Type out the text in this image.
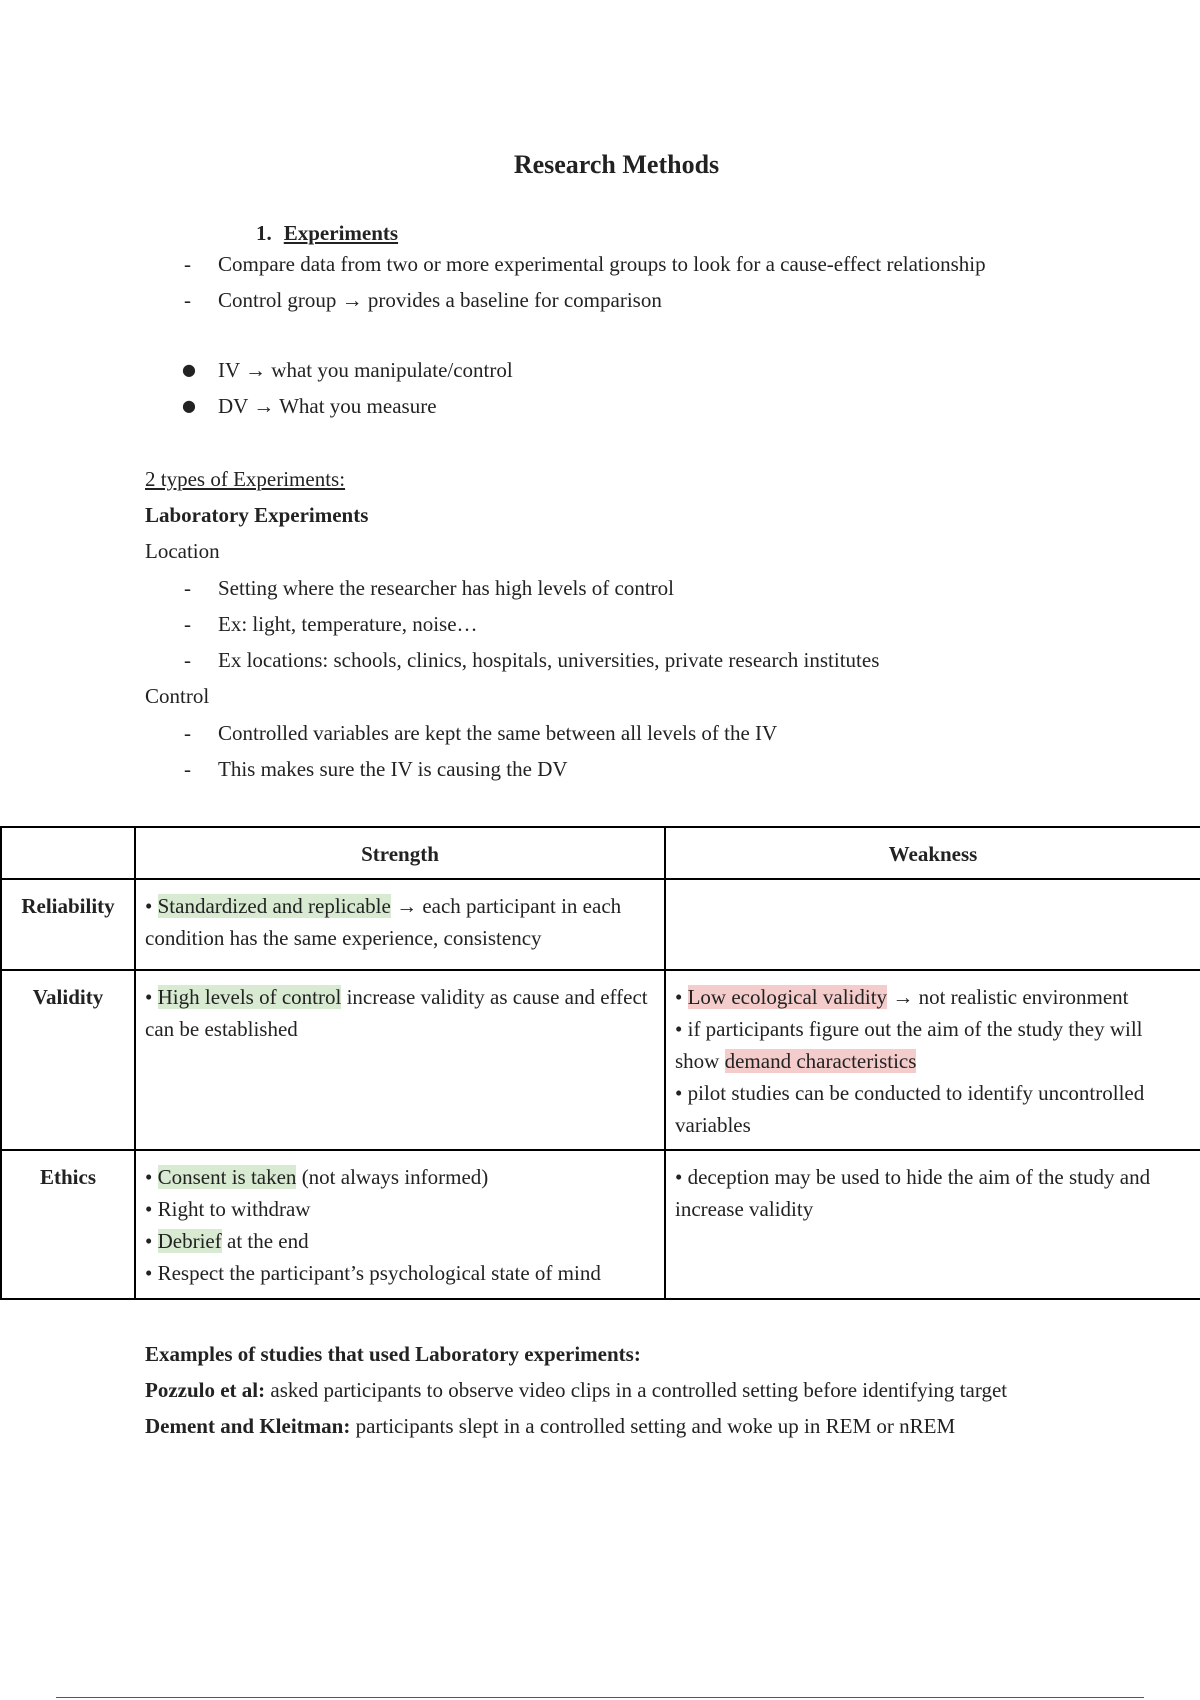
Research Methods
1. Experiments
Compare data from two or more experimental groups to look for a cause-effect relationship
Control group → provides a baseline for comparison
IV → what you manipulate/control
DV → What you measure
2 types of Experiments:
Laboratory Experiments
Location
Setting where the researcher has high levels of control
Ex: light, temperature, noise…
Ex locations: schools, clinics, hospitals, universities, private research institutes
Control
Controlled variables are kept the same between all levels of the IV
This makes sure the IV is causing the DV
	Strength	Weakness
Reliability	• Standardized and replicable → each participant in each condition has the same experience, consistency	

Validity	• High levels of control increase validity as cause and effect can be established	• Low ecological validity → not realistic environment
• if participants figure out the aim of the study they will show demand characteristics
• pilot studies can be conducted to identify uncontrolled variables

Ethics	• Consent is taken (not always informed)
• Right to withdraw
• Debrief at the end
• Respect the participant’s psychological state of mind	• deception may be used to hide the aim of the study and increase validity
Examples of studies that used Laboratory experiments:
Pozzulo et al: asked participants to observe video clips in a controlled setting before identifying target
Dement and Kleitman: participants slept in a controlled setting and woke up in REM or nREM
